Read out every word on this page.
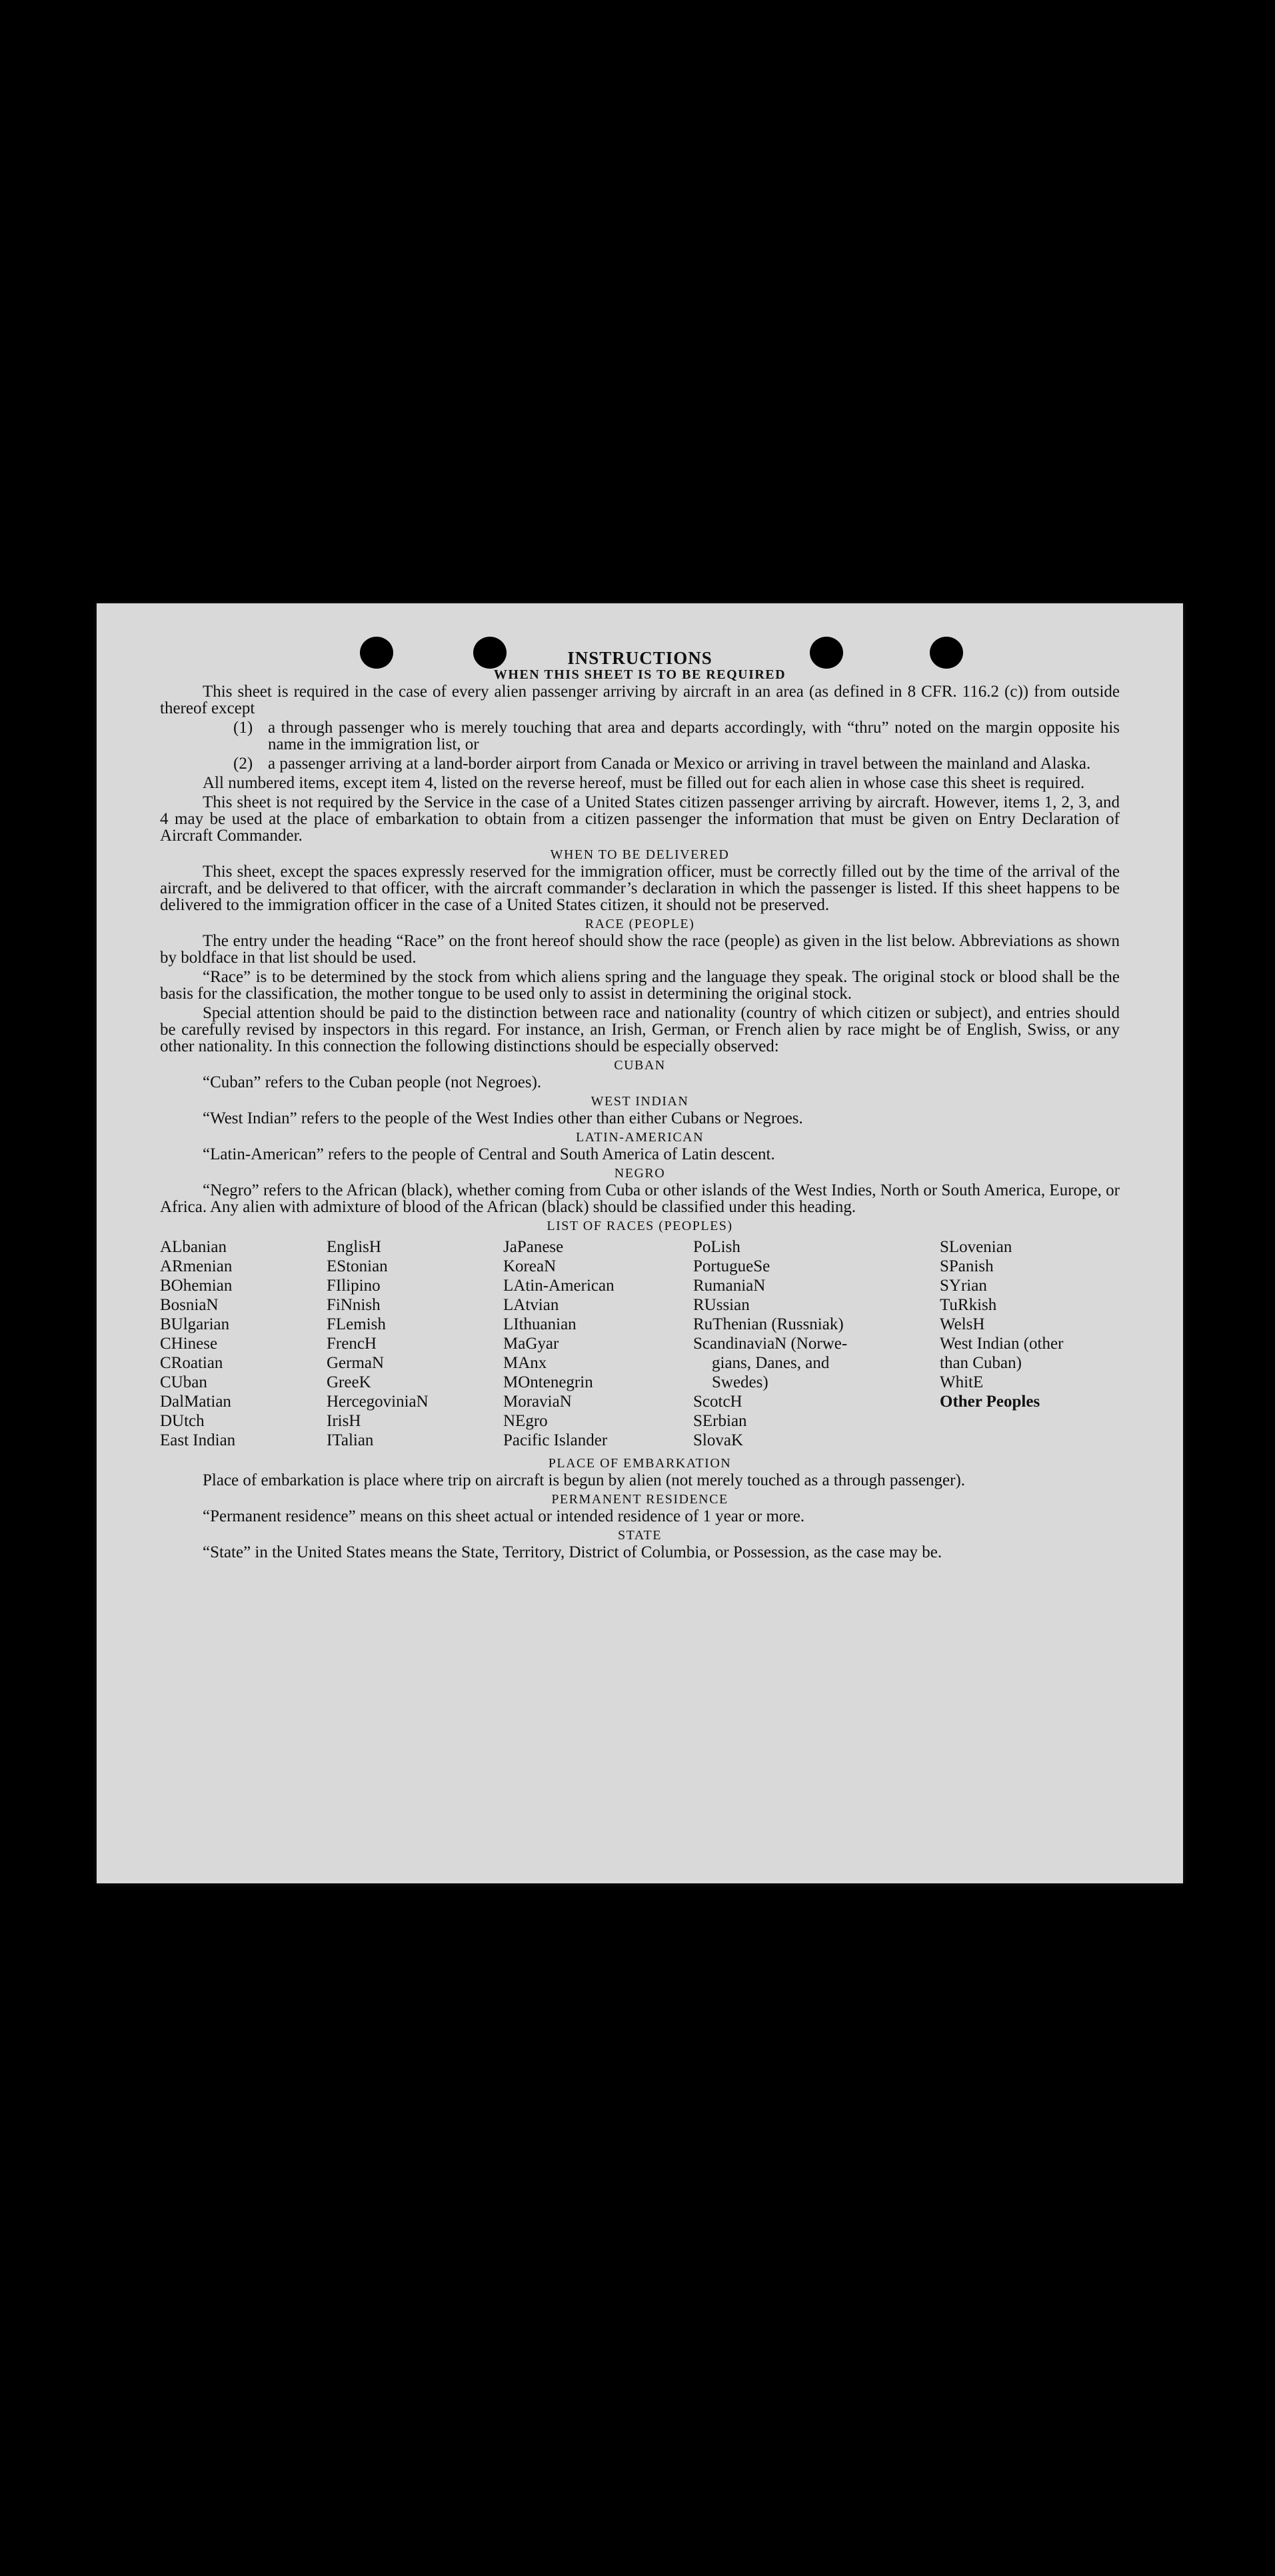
INSTRUCTIONS

WHEN THIS SHEET IS TO BE REQUIRED

This sheet is required in the case of every alien passenger arriving by aircraft in an area (as defined in 8 CFR. 116.2 (c)) from outside thereof except

(1) a through passenger who is merely touching that area and departs accordingly, with “thru” noted on the margin opposite his name in the immigration list, or
(2) a passenger arriving at a land-border airport from Canada or Mexico or arriving in travel between the mainland and Alaska.

All numbered items, except item 4, listed on the reverse hereof, must be filled out for each alien in whose case this sheet is required.

This sheet is not required by the Service in the case of a United States citizen passenger arriving by aircraft. However, items 1, 2, 3, and 4 may be used at the place of embarkation to obtain from a citizen passenger the information that must be given on Entry Declaration of Aircraft Commander.

WHEN TO BE DELIVERED

This sheet, except the spaces expressly reserved for the immigration officer, must be correctly filled out by the time of the arrival of the aircraft, and be delivered to that officer, with the aircraft commander’s declaration in which the passenger is listed. If this sheet happens to be delivered to the immigration officer in the case of a United States citizen, it should not be preserved.

RACE (PEOPLE)

The entry under the heading “Race” on the front hereof should show the race (people) as given in the list below. Abbreviations as shown by boldface in that list should be used.

“Race” is to be determined by the stock from which aliens spring and the language they speak. The original stock or blood shall be the basis for the classification, the mother tongue to be used only to assist in determining the original stock.

Special attention should be paid to the distinction between race and nationality (country of which citizen or subject), and entries should be carefully revised by inspectors in this regard. For instance, an Irish, German, or French alien by race might be of English, Swiss, or any other nationality. In this connection the following distinctions should be especially observed:

CUBAN

“Cuban” refers to the Cuban people (not Negroes).

WEST INDIAN

“West Indian” refers to the people of the West Indies other than either Cubans or Negroes.

LATIN-AMERICAN

“Latin-American” refers to the people of Central and South America of Latin descent.

NEGRO

“Negro” refers to the African (black), whether coming from Cuba or other islands of the West Indies, North or South America, Europe, or Africa. Any alien with admixture of blood of the African (black) should be classified under this heading.

LIST OF RACES (PEOPLES)

ALbanian
ARmenian
BOhemian
BosniaN
BUlgarian
CHinese
CRoatian
CUban
DalMatian
DUtch
East Indian
EnglisH
EStonian
FIlipino
FiNnish
FLemish
FrencH
GermaN
GreeK
HercegoviniaN
IrisH
ITalian
JaPanese
KoreaN
LAtin-American
LAtvian
LIthuanian
MaGyar
MAnx
MOntenegrin
MoraviaN
NEgro
Pacific Islander
PoLish
PortugueSe
RumaniaN
RUssian
RuThenian (Russniak)
ScandinaviaN (Norwe-
gians, Danes, and
Swedes)
ScotcH
SErbian
SlovaK
SLovenian
SPanish
SYrian
TuRkish
WelsH
West Indian (other
than Cuban)
WhitE
Other Peoples

PLACE OF EMBARKATION

Place of embarkation is place where trip on aircraft is begun by alien (not merely touched as a through passenger).

PERMANENT RESIDENCE

“Permanent residence” means on this sheet actual or intended residence of 1 year or more.

STATE

“State” in the United States means the State, Territory, District of Columbia, or Possession, as the case may be.
